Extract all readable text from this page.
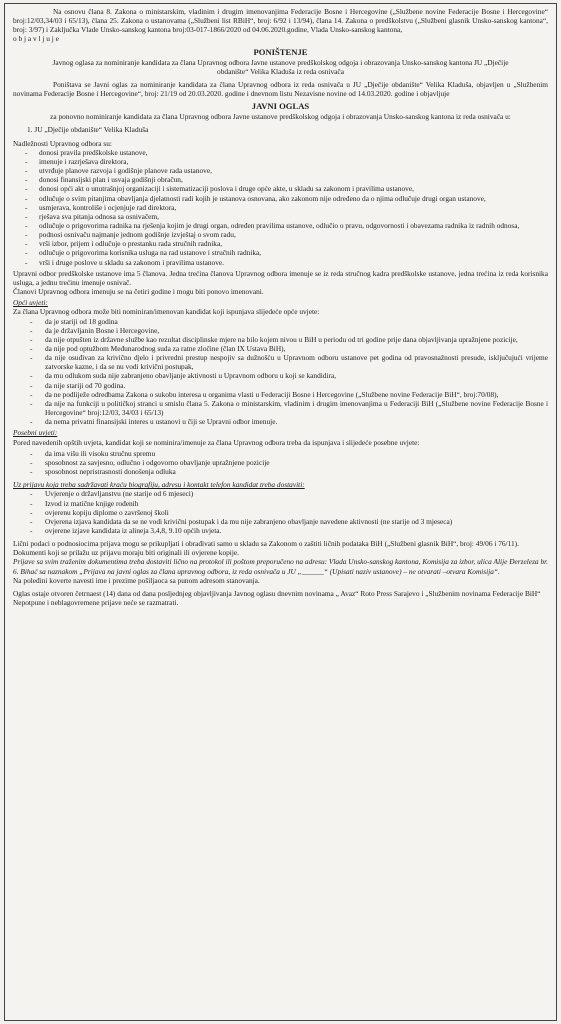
Na osnovu člana 8. Zakona o ministarskim, vladinim i drugim imenovanjima Federacije Bosne i Hercegovine („Službene novine Federacije Bosne i Hercegovine“ broj:12/03,34/03 i 65/13), člana 25. Zakona o ustanovama („Službeni list RBiH“, broj: 6/92 i 13/94), člana 14. Zakona o predškolstvu („Službeni glasnik Unsko-sanskog kantona“, broj: 3/97) i Zaključka Vlade Unsko-sanskog kantona broj:03-017-1866/2020 od 04.06.2020.godine, Vlada Unsko-sanskog kantona,

o b j a v l j u j e

PONIŠTENJE

Javnog oglasa za nominiranje kandidata za člana Upravnog odbora Javne ustanove predškolskog odgoja i obrazovanja Unsko-sanskog kantona JU „Dječije obdanište“ Velika Kladuša iz reda osnivača

Poništava se Javni oglas za nominiranje kandidata za člana Upravnog odbora iz reda osnivača u JU „Dječije obdanište“ Velika Kladuša, objavljen u „Službenim novinama Federacije Bosne i Hercegovine“, broj: 21/19 od 20.03.2020. godine i dnevnom listu Nezavisne novine od 14.03.2020. godine i objavljuje

JAVNI OGLAS

za ponovno nominiranje kandidata za člana Upravnog odbora Javne ustanove predškolskog odgoja i obrazovanja Unsko-sanskog kantona iz reda osnivača u:

1. JU „Dječije obdanište“ Velika Kladuša

Nadležnosti Upravnog odbora su:

- donosi pravila predškolske ustanove,
- imenuje i razrješava direktora,
- utvrđuje planove razvoja i godišnje planove rada ustanove,
- donosi finansijski plan i usvaja godišnji obračun,
- donosi opći akt o unutrašnjoj organizaciji i sistematizaciji poslova i druge opće akte, u skladu sa zakonom i pravilima ustanove,
- odlučuje o svim pitanjima obavljanja djelatnosti radi kojih je ustanova osnovana, ako zakonom nije određeno da o njima odlučuje drugi organ ustanove,
- usmjerava, kontroliše i ocjenjuje rad direktora,
- rješava sva pitanja odnosa sa osnivačem,
- odlučuje o prigovorima radnika na rješenja kojim je drugi organ, određen pravilima ustanove, odlučio o pravu, odgovornosti i obavezama radnika iz radnih odnosa,
- podnosi osnivaču najmanje jednom godišnje izvještaj o svom radu,
- vrši izbor, prijem i odlučuje o prestanku rada stručnih radnika,
- odlučuje o prigovorima korisnika usluga na rad ustanove i stručnih radnika,
- vrši i druge poslove u skladu sa zakonom i pravilima ustanove.

Upravni odbor predškolske ustanove ima 5 članova. Jedna trećina članova Upravnog odbora imenuje se iz reda stručnog kadra predškolske ustanove, jedna trećina iz reda korisnika usluga, a jednu trećinu imenuje osnivač.

Članovi Upravnog odbora imenuju se na četiri godine i mogu biti ponovo imenovani.

Opći uvjeti:

Za člana Upravnog odbora može biti nominiran/imenovan kandidat koji ispunjava slijedeće opće uvjete:

- da je stariji od 18 godina
- da je državljanin Bosne i Hercegovine,
- da nije otpušten iz državne službe kao rezultat disciplinske mjere na bilo kojem nivou u BiH u periodu od tri godine prije dana objavljivanja upražnjene pozicije,
- da nije pod optužbom Međunarodnog suda za ratne zločine (član IX Ustava BiH),
- da nije osuđivan za krivično djelo i privredni prestup nespojiv sa dužnošću u Upravnom odboru ustanove pet godina od pravosnažnosti presude, isključujući vrijeme zatvorske kazne, i da se nu vodi krivični postupak,
- da mu odlukom suda nije zabranjeno obavljanje aktivnosti u Upravnom odboru u koji se kandidira,
- da nije stariji od 70 godina.
- da ne podliježe odredbama Zakona o sukobu interesa u organima vlasti u Federaciji Bosne i Hercegovine („Službene novine Federacije BiH“, broj:70/08),
- da nije na funkciji u političkoj stranci u smislu člana 5. Zakona o ministarskim, vladinim i drugim imenovanjima u Federaciji BiH („Službene novine Federacije Bosne i Hercegovine“ broj:12/03, 34/03 i 65/13)
- da nema privatni finansijski interes u ustanovi u čiji se Upravni odbor imenuje.

Posebni uvjeti:

Pored navedenih opštih uvjeta, kandidat koji se nominira/imenuje za člana Upravnog odbora treba da ispunjava i slijedeće posebne uvjete:

- da ima višu ili visoku stručnu spremu
- sposobnost za savjesno, odlučno i odgovorno obavljanje upražnjene pozicije
- sposobnost nepristrasnosti donošenja odluka

Uz prijavu koja treba sadržavati kraću biografiju, adresu i kontakt telefon kandidat treba dostaviti:

- Uvjerenje o državljanstvu (ne starije od 6 mjeseci)
- Izvod iz matične knjige rođenih
- ovjerenu kopiju diplome o završenoj školi
- Ovjerena izjava kandidata da se ne vodi krivični postupak i da mu nije zabranjeno obavljanje navedene aktivnosti (ne starije od 3 mjeseca)
- ovjerene izjave kandidata iz alineja 3,4,8, 9.10 općih uvjeta.

Lični podaci o podnosiocima prijava mogu se prikupljati i obrađivati samo u skladu sa Zakonom o zaštiti ličnih podataka BiH („Službeni glasnik BiH“, broj: 49/06 i 76/11).

Dokumenti koji se prilažu uz prijavu moraju biti originali ili ovjerene kopije.

Prijave sa svim traženim dokumentima treba dostaviti lično na protokol ili poštom preporučeno na adresu: Vlada Unsko-sanskog kantona, Komisija za izbor, ulica Alije Đerzeleza br. 6. Bihać sa naznakom „Prijava na javni oglas za člana upravnog odbora, iz reda osnivača u JU „______“ (Upisati naziv ustanove) – ne otvarati –otvara Komisija“.

Na poleđini koverte navesti ime i prezime pošiljaoca sa punom adresom stanovanja.

Oglas ostaje otvoren četrnaest (14) dana od dana posljednjeg objavljivanja Javnog oglasu dnevnim novinama „ Avaz“ Roto Press Sarajevo i „Službenim novinama Federacije BiH“

Nepotpune i neblagovremene prijave neće se razmatrati.
